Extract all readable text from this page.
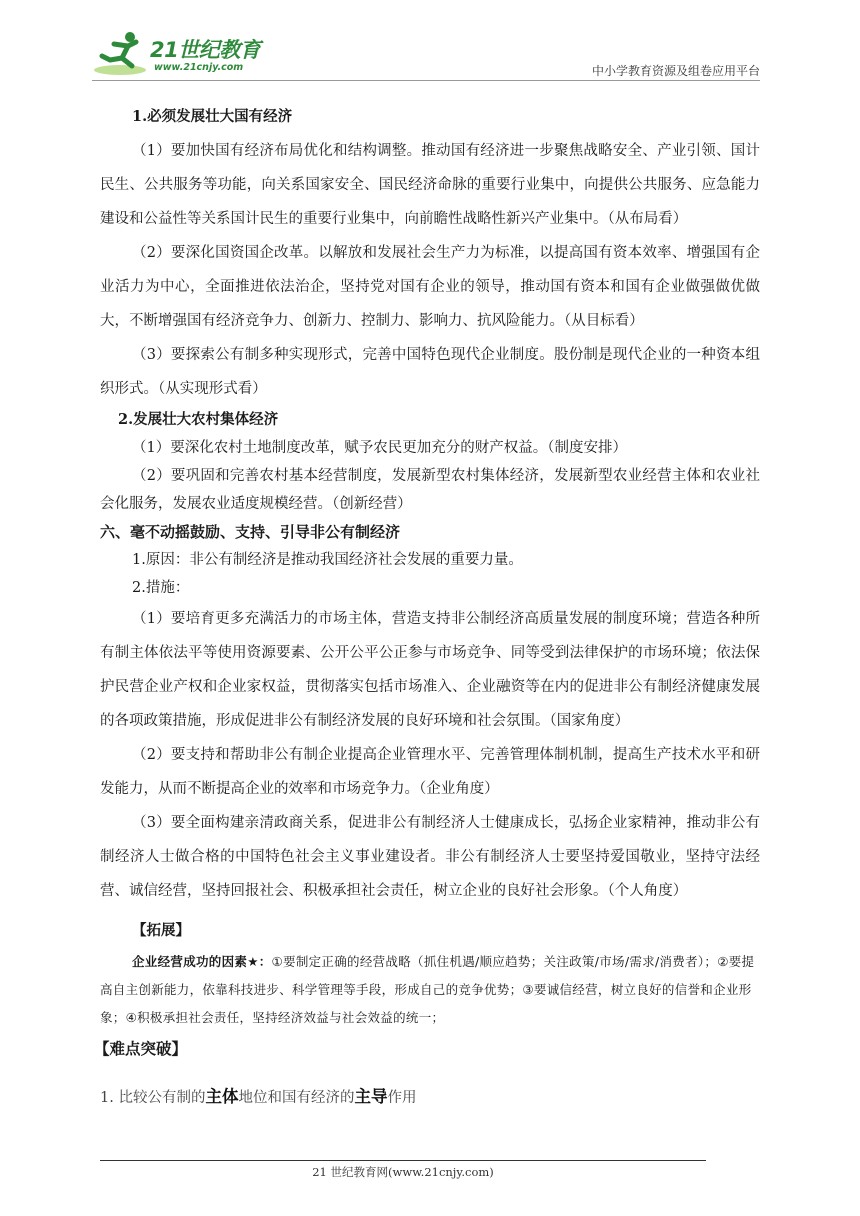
21世纪教育
www.21cnjy.com	中小学教育资源及组卷应用平台

1.必须发展壮大国有经济

（1）要加快国有经济布局优化和结构调整。推动国有经济进一步聚焦战略安全、产业引领、国计民生、公共服务等功能，向关系国家安全、国民经济命脉的重要行业集中，向提供公共服务、应急能力建设和公益性等关系国计民生的重要行业集中，向前瞻性战略性新兴产业集中。（从布局看）

（2）要深化国资国企改革。以解放和发展社会生产力为标准，以提高国有资本效率、增强国有企业活力为中心，全面推进依法治企，坚持党对国有企业的领导，推动国有资本和国有企业做强做优做大，不断增强国有经济竞争力、创新力、控制力、影响力、抗风险能力。（从目标看）

（3）要探索公有制多种实现形式，完善中国特色现代企业制度。股份制是现代企业的一种资本组织形式。（从实现形式看）

2.发展壮大农村集体经济

（1）要深化农村土地制度改革，赋予农民更加充分的财产权益。（制度安排）

（2）要巩固和完善农村基本经营制度，发展新型农村集体经济，发展新型农业经营主体和农业社会化服务，发展农业适度规模经营。（创新经营）

六、毫不动摇鼓励、支持、引导非公有制经济

1.原因：非公有制经济是推动我国经济社会发展的重要力量。

2.措施：

（1）要培育更多充满活力的市场主体，营造支持非公制经济高质量发展的制度环境；营造各种所有制主体依法平等使用资源要素、公开公平公正参与市场竞争、同等受到法律保护的市场环境；依法保护民营企业产权和企业家权益，贯彻落实包括市场准入、企业融资等在内的促进非公有制经济健康发展的各项政策措施，形成促进非公有制经济发展的良好环境和社会氛围。（国家角度）

（2）要支持和帮助非公有制企业提高企业管理水平、完善管理体制机制，提高生产技术水平和研发能力，从而不断提高企业的效率和市场竞争力。（企业角度）

（3）要全面构建亲清政商关系，促进非公有制经济人士健康成长，弘扬企业家精神，推动非公有制经济人士做合格的中国特色社会主义事业建设者。非公有制经济人士要坚持爱国敬业，坚持守法经营、诚信经营，坚持回报社会、积极承担社会责任，树立企业的良好社会形象。（个人角度）

【拓展】

企业经营成功的因素★：①要制定正确的经营战略（抓住机遇/顺应趋势；关注政策/市场/需求/消费者）；②要提高自主创新能力，依靠科技进步、科学管理等手段，形成自己的竞争优势；③要诚信经营，树立良好的信誉和企业形象；④积极承担社会责任，坚持经济效益与社会效益的统一；

【难点突破】

1. 比较公有制的主体地位和国有经济的主导作用

21 世纪教育网(www.21cnjy.com)
